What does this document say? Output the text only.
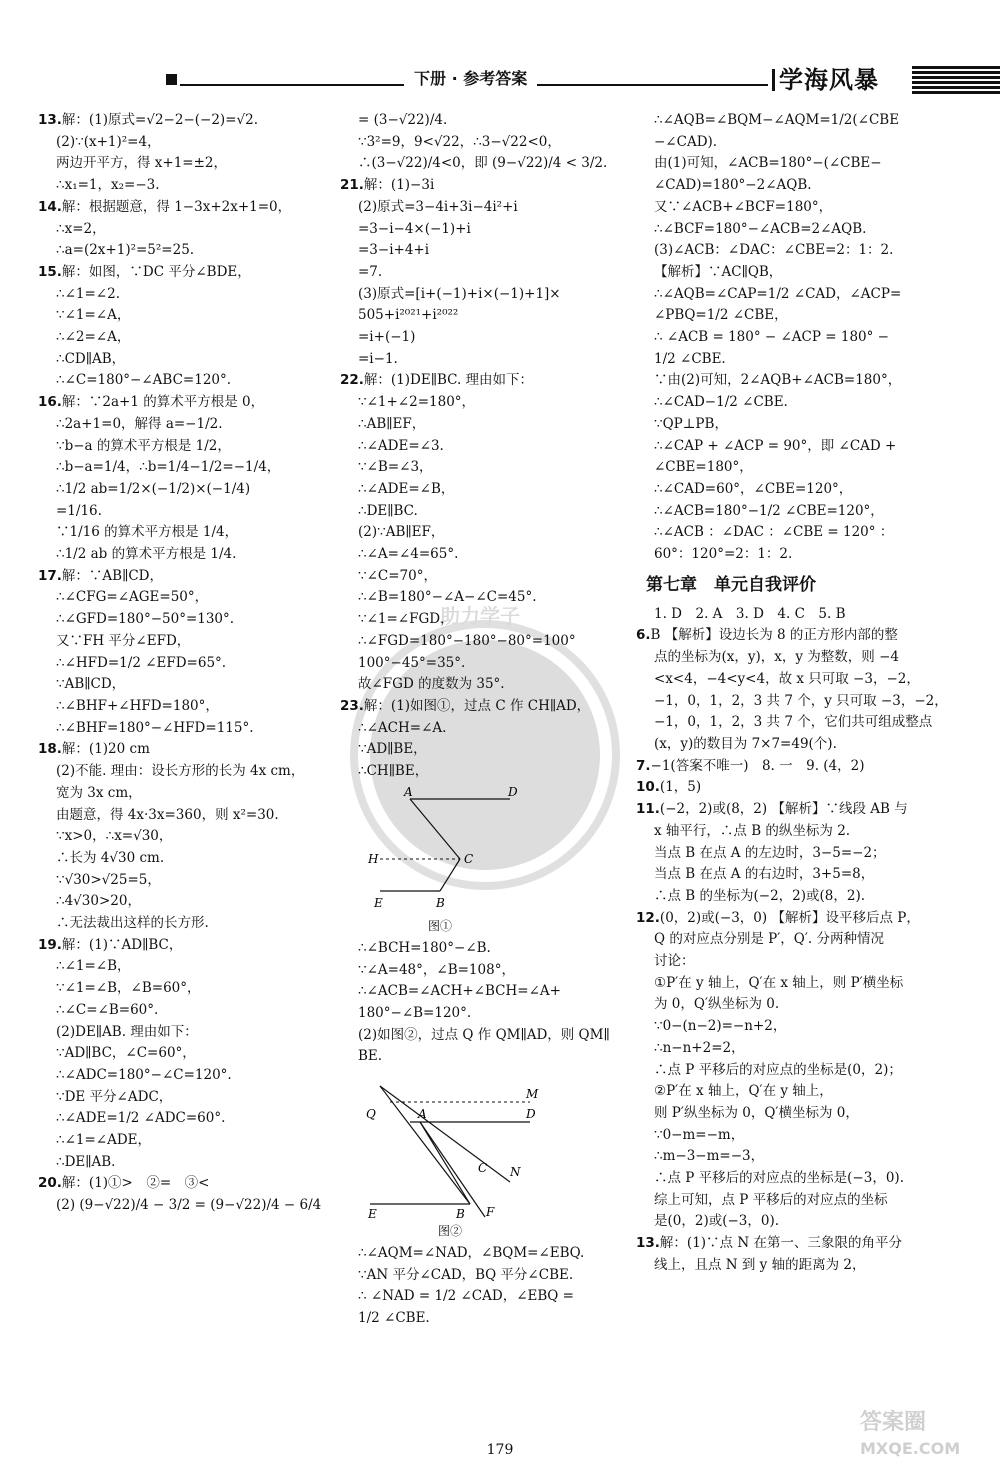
下册 · 参考答案	学海风暴
助力学子
13.解：(1)原式=√2−2−(−2)=√2.
(2)∵(x+1)²=4，
两边开平方，得 x+1=±2，
∴x₁=1，x₂=−3.
14.解：根据题意，得 1−3x+2x+1=0，
∴x=2，
∴a=(2x+1)²=5²=25.
15.解：如图，∵DC 平分∠BDE，
∴∠1=∠2.
∵∠1=∠A，
∴∠2=∠A，
∴CD∥AB，
∴∠C=180°−∠ABC=120°.
16.解：∵2a+1 的算术平方根是 0，
∴2a+1=0，解得 a=−1/2.
∵b−a 的算术平方根是 1/2，
∴b−a=1/4，∴b=1/4−1/2=−1/4，
∴1/2 ab=1/2×(−1/2)×(−1/4)
=1/16.
∵1/16 的算术平方根是 1/4，
∴1/2 ab 的算术平方根是 1/4.
17.解：∵AB∥CD，
∴∠CFG=∠AGE=50°，
∴∠GFD=180°−50°=130°.
又∵FH 平分∠EFD，
∴∠HFD=1/2 ∠EFD=65°.
∵AB∥CD，
∴∠BHF+∠HFD=180°，
∴∠BHF=180°−∠HFD=115°.
18.解：(1)20 cm
(2)不能. 理由：设长方形的长为 4x cm，
宽为 3x cm，
由题意，得 4x·3x=360，则 x²=30.
∵x>0，∴x=√30，
∴长为 4√30 cm.
∵√30>√25=5，
∴4√30>20，
∴无法裁出这样的长方形.
19.解：(1)∵AD∥BC，
∴∠1=∠B，
∵∠1=∠B，∠B=60°，
∴∠C=∠B=60°.
(2)DE∥AB. 理由如下：
∵AD∥BC，∠C=60°，
∴∠ADC=180°−∠C=120°.
∵DE 平分∠ADC，
∴∠ADE=1/2 ∠ADC=60°.
∴∠1=∠ADE，
∴DE∥AB.
20.解：(1)①>　②=　③<
(2) (9−√22)/4 − 3/2 = (9−√22)/4 − 6/4
= (3−√22)/4.
∵3²=9，9<√22，∴3−√22<0，
∴(3−√22)/4<0，即 (9−√22)/4 < 3/2.
21.解：(1)−3i
(2)原式=3−4i+3i−4i²+i
=3−i−4×(−1)+i
=3−i+4+i
=7.
(3)原式=[i+(−1)+i×(−1)+1]×
505+i²⁰²¹+i²⁰²²
=i+(−1)
=i−1.
22.解：(1)DE∥BC. 理由如下：
∵∠1+∠2=180°，
∴AB∥EF，
∴∠ADE=∠3.
∵∠B=∠3，
∴∠ADE=∠B，
∴DE∥BC.
(2)∵AB∥EF，
∴∠A=∠4=65°.
∵∠C=70°，
∴∠B=180°−∠A−∠C=45°.
∵∠1=∠FGD，
∴∠FGD=180°−180°−80°=100°
100°−45°=35°.
故∠FGD 的度数为 35°.
23.解：(1)如图①，过点 C 作 CH∥AD，
∴∠ACH=∠A.
∵AD∥BE，
∴CH∥BE，
A	D
H	C
E	B
图①
∴∠BCH=180°−∠B.
∵∠A=48°，∠B=108°，
∴∠ACB=∠ACH+∠BCH=∠A+
180°−∠B=120°.
(2)如图②，过点 Q 作 QM∥AD，则 QM∥
BE.
M
Q	A	D
C N
E	B F
图②
∴∠AQM=∠NAD，∠BQM=∠EBQ.
∵AN 平分∠CAD，BQ 平分∠CBE.
∴ ∠NAD = 1/2 ∠CAD，∠EBQ =
1/2 ∠CBE.
∴∠AQB=∠BQM−∠AQM=1/2(∠CBE
−∠CAD).
由(1)可知，∠ACB=180°−(∠CBE−
∠CAD)=180°−2∠AQB.
又∵∠ACB+∠BCF=180°，
∴∠BCF=180°−∠ACB=2∠AQB.
(3)∠ACB：∠DAC：∠CBE=2：1：2.
【解析】∵AC∥QB，
∴∠AQB=∠CAP=1/2 ∠CAD，∠ACP=
∠PBQ=1/2 ∠CBE，
∴ ∠ACB = 180° − ∠ACP = 180° −
1/2 ∠CBE.
∵由(2)可知，2∠AQB+∠ACB=180°，
∴∠CAD−1/2 ∠CBE.
∵QP⊥PB，
∴∠CAP + ∠ACP = 90°，即 ∠CAD +
∠CBE=180°，
∴∠CAD=60°，∠CBE=120°，
∴∠ACB=180°−1/2 ∠CBE=120°，
∴∠ACB ：∠DAC ：∠CBE = 120° ：
60°：120°=2：1：2.
第七章　单元自我评价
1. D　2. A　3. D　4. C　5. B
6.B 【解析】设边长为 8 的正方形内部的整
点的坐标为(x，y)，x，y 为整数，则 −4
<x<4，−4<y<4，故 x 只可取 −3，−2，
−1，0，1，2，3 共 7 个，y 只可取 −3，−2，
−1，0，1，2，3 共 7 个，它们共可组成整点
(x，y)的数目为 7×7=49(个).
7.−1(答案不唯一)　8. 一　9. (4，2)
10.(1，5)
11.(−2，2)或(8，2) 【解析】∵线段 AB 与
x 轴平行，∴点 B 的纵坐标为 2.
当点 B 在点 A 的左边时，3−5=−2；
当点 B 在点 A 的右边时，3+5=8，
∴点 B 的坐标为(−2，2)或(8，2).
12.(0，2)或(−3，0) 【解析】设平移后点 P，
Q 的对应点分别是 P′，Q′. 分两种情况
讨论：
①P′在 y 轴上，Q′在 x 轴上，则 P′横坐标
为 0，Q′纵坐标为 0.
∵0−(n−2)=−n+2，
∴n−n+2=2，
∴点 P 平移后的对应点的坐标是(0，2)；
②P′在 x 轴上，Q′在 y 轴上，
则 P′纵坐标为 0，Q′横坐标为 0，
∵0−m=−m，
∴m−3−m=−3，
∴点 P 平移后的对应点的坐标是(−3，0).
综上可知，点 P 平移后的对应点的坐标
是(0，2)或(−3，0).
13.解：(1)∵点 N 在第一、三象限的角平分
线上，且点 N 到 y 轴的距离为 2，
179
答案圈
MXQE.COM
